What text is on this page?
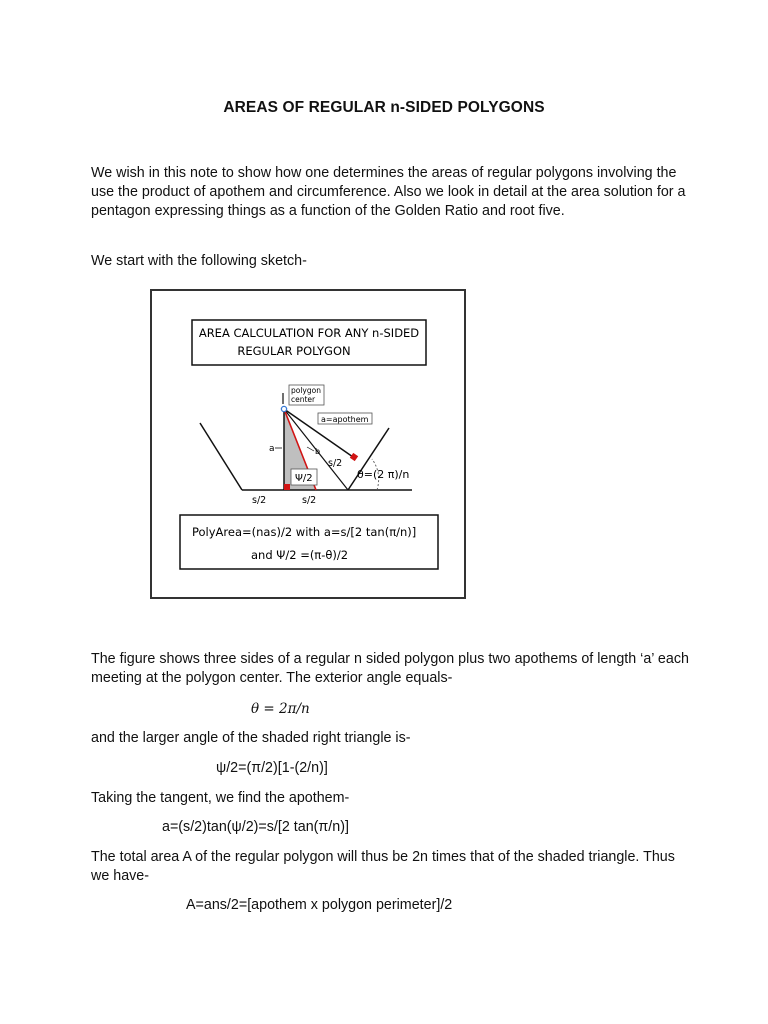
AREAS OF REGULAR n-SIDED POLYGONS
We wish in this note to show how one determines the areas of regular polygons involving the use the product of apothem and circumference. Also we look in detail at the area solution for a pentagon expressing things as a function of the Golden Ratio and root five.
We start with the following sketch-
AREA CALCULATION FOR ANY n-SIDED
REGULAR POLYGON
polygon
center
a=apothem
a	b
s/2
Ψ/2	θ=(2 π)/n
s/2	s/2
PolyArea=(nas)/2 with a=s/[2 tan(π/n)]
and Ψ/2 =(π-θ)/2
The figure shows three sides of a regular n sided polygon plus two apothems of length ‘a’ each meeting at the polygon center. The exterior angle equals-
θ = 2π/n
and the larger angle of the shaded right triangle is-
ψ/2=(π/2)[1-(2/n)]
Taking the tangent, we find the apothem-
a=(s/2)tan(ψ/2)=s/[2 tan(π/n)]
The total area A of the regular polygon will thus be 2n times that of the shaded triangle. Thus we have-
A=ans/2=[apothem x polygon perimeter]/2
